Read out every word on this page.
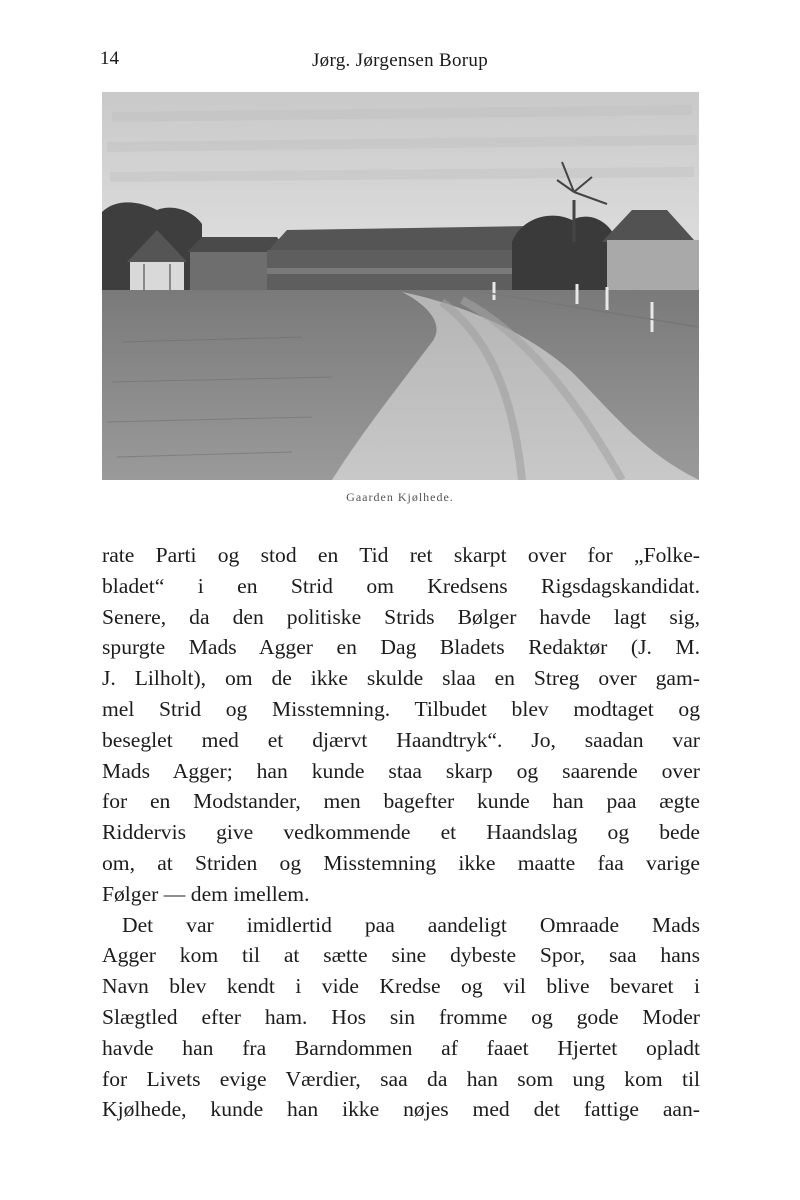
14	Jørg. Jørgensen Borup
Gaarden Kjølhede.
rate Parti og stod en Tid ret skarpt over for „Folke-
bladet“ i en Strid om Kredsens Rigsdagskandidat.
Senere, da den politiske Strids Bølger havde lagt sig,
spurgte Mads Agger en Dag Bladets Redaktør (J. M.
J. Lilholt), om de ikke skulde slaa en Streg over gam-
mel Strid og Misstemning. Tilbudet blev modtaget og
beseglet med et djærvt Haandtryk“. Jo, saadan var
Mads Agger; han kunde staa skarp og saarende over
for en Modstander, men bagefter kunde han paa ægte
Riddervis give vedkommende et Haandslag og bede
om, at Striden og Misstemning ikke maatte faa varige
Følger — dem imellem.
Det var imidlertid paa aandeligt Omraade Mads
Agger kom til at sætte sine dybeste Spor, saa hans
Navn blev kendt i vide Kredse og vil blive bevaret i
Slægtled efter ham. Hos sin fromme og gode Moder
havde han fra Barndommen af faaet Hjertet opladt
for Livets evige Værdier, saa da han som ung kom til
Kjølhede, kunde han ikke nøjes med det fattige aan-
